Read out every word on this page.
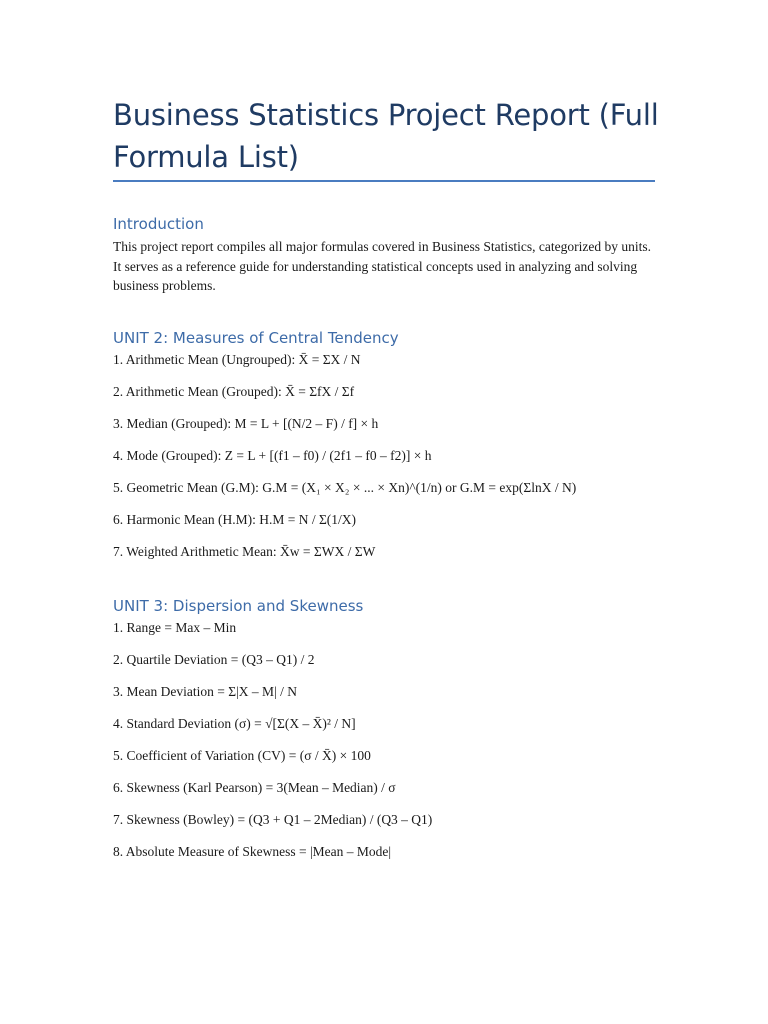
Business Statistics Project Report (Full Formula List)
Introduction

This project report compiles all major formulas covered in Business Statistics, categorized by units. It serves as a reference guide for understanding statistical concepts used in analyzing and solving business problems.

UNIT 2: Measures of Central Tendency

1. Arithmetic Mean (Ungrouped): X̄ = ΣX / N

2. Arithmetic Mean (Grouped): X̄ = ΣfX / Σf

3. Median (Grouped): M = L + [(N/2 – F) / f] × h

4. Mode (Grouped): Z = L + [(f1 – f0) / (2f1 – f0 – f2)] × h

5. Geometric Mean (G.M): G.M = (X₁ × X₂ × ... × Xn)^(1/n) or G.M = exp(ΣlnX / N)

6. Harmonic Mean (H.M): H.M = N / Σ(1/X)

7. Weighted Arithmetic Mean: X̄w = ΣWX / ΣW

UNIT 3: Dispersion and Skewness

1. Range = Max – Min

2. Quartile Deviation = (Q3 – Q1) / 2

3. Mean Deviation = Σ|X – M| / N

4. Standard Deviation (σ) = √[Σ(X – X̄)² / N]

5. Coefficient of Variation (CV) = (σ / X̄) × 100

6. Skewness (Karl Pearson) = 3(Mean – Median) / σ

7. Skewness (Bowley) = (Q3 + Q1 – 2Median) / (Q3 – Q1)

8. Absolute Measure of Skewness = |Mean – Mode|
